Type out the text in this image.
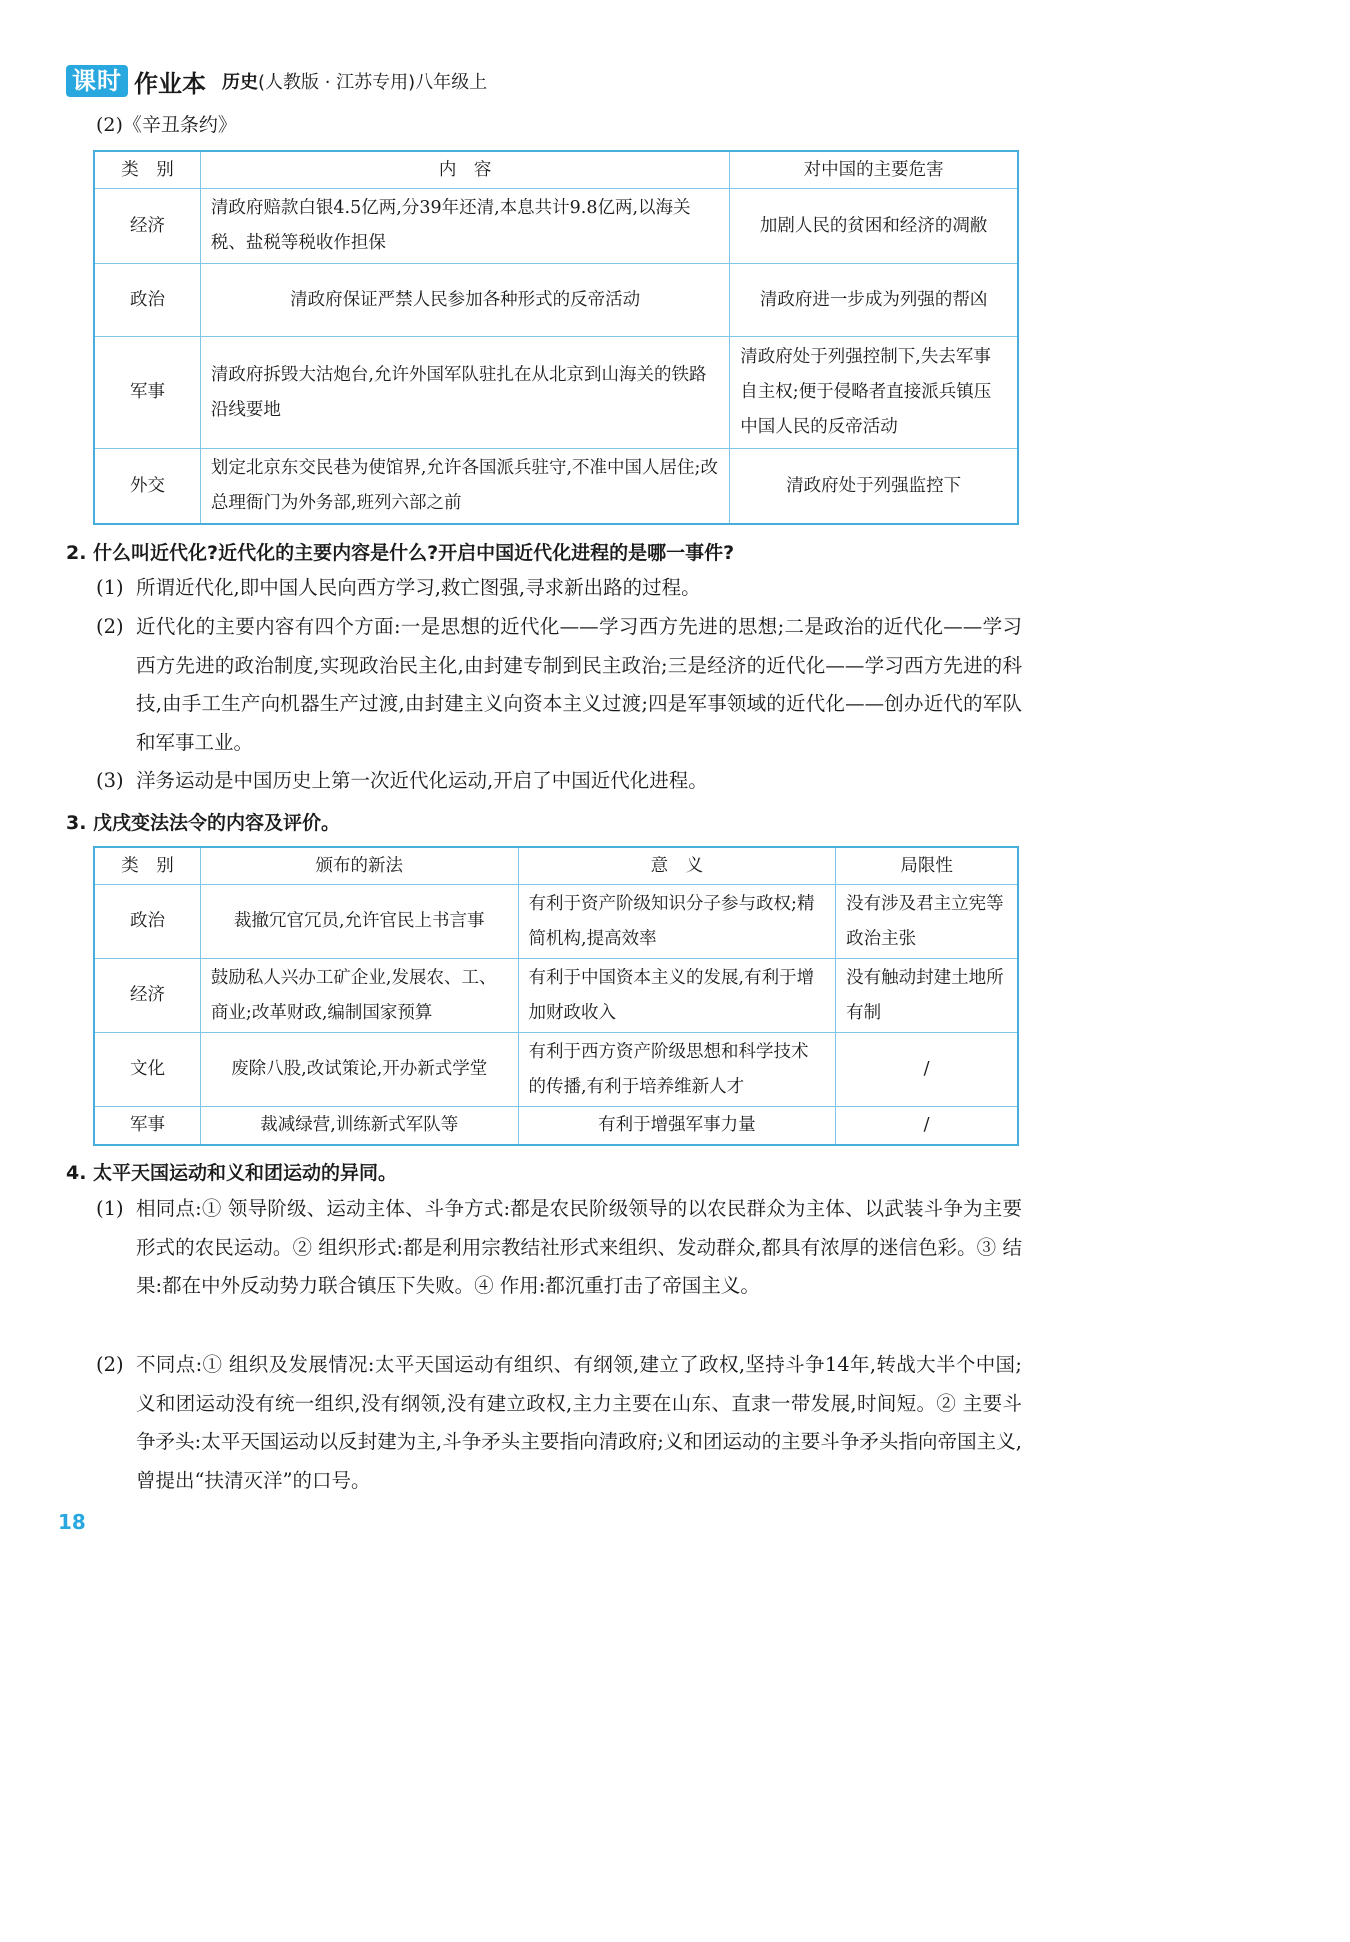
课时 作业本 历史(人教版 · 江苏专用)八年级上
(2)《辛丑条约》
类　别	内　容	对中国的主要危害
经济	清政府赔款白银4.5亿两,分39年还清,本息共计9.8亿两,以海关税、盐税等税收作担保	加剧人民的贫困和经济的凋敝
政治	清政府保证严禁人民参加各种形式的反帝活动	清政府进一步成为列强的帮凶
军事	清政府拆毁大沽炮台,允许外国军队驻扎在从北京到山海关的铁路沿线要地	清政府处于列强控制下,失去军事自主权;便于侵略者直接派兵镇压中国人民的反帝活动
外交	划定北京东交民巷为使馆界,允许各国派兵驻守,不准中国人居住;改总理衙门为外务部,班列六部之前	清政府处于列强监控下
2. 什么叫近代化?近代化的主要内容是什么?开启中国近代化进程的是哪一事件?
(1) 所谓近代化,即中国人民向西方学习,救亡图强,寻求新出路的过程。
(2) 近代化的主要内容有四个方面:一是思想的近代化——学习西方先进的思想;二是政治的近代化——学习西方先进的政治制度,实现政治民主化,由封建专制到民主政治;三是经济的近代化——学习西方先进的科技,由手工生产向机器生产过渡,由封建主义向资本主义过渡;四是军事领域的近代化——创办近代的军队和军事工业。
(3) 洋务运动是中国历史上第一次近代化运动,开启了中国近代化进程。
3. 戊戌变法法令的内容及评价。
类　别	颁布的新法	意　义	局限性
政治	裁撤冗官冗员,允许官民上书言事	有利于资产阶级知识分子参与政权;精简机构,提高效率	没有涉及君主立宪等政治主张
经济	鼓励私人兴办工矿企业,发展农、工、商业;改革财政,编制国家预算	有利于中国资本主义的发展,有利于增加财政收入	没有触动封建土地所有制
文化	废除八股,改试策论,开办新式学堂	有利于西方资产阶级思想和科学技术的传播,有利于培养维新人才	/
军事	裁减绿营,训练新式军队等	有利于增强军事力量	/
4. 太平天国运动和义和团运动的异同。
(1) 相同点:① 领导阶级、运动主体、斗争方式:都是农民阶级领导的以农民群众为主体、以武装斗争为主要形式的农民运动。② 组织形式:都是利用宗教结社形式来组织、发动群众,都具有浓厚的迷信色彩。③ 结果:都在中外反动势力联合镇压下失败。④ 作用:都沉重打击了帝国主义。
(2) 不同点:① 组织及发展情况:太平天国运动有组织、有纲领,建立了政权,坚持斗争14年,转战大半个中国;义和团运动没有统一组织,没有纲领,没有建立政权,主力主要在山东、直隶一带发展,时间短。② 主要斗争矛头:太平天国运动以反封建为主,斗争矛头主要指向清政府;义和团运动的主要斗争矛头指向帝国主义,曾提出“扶清灭洋”的口号。
18
